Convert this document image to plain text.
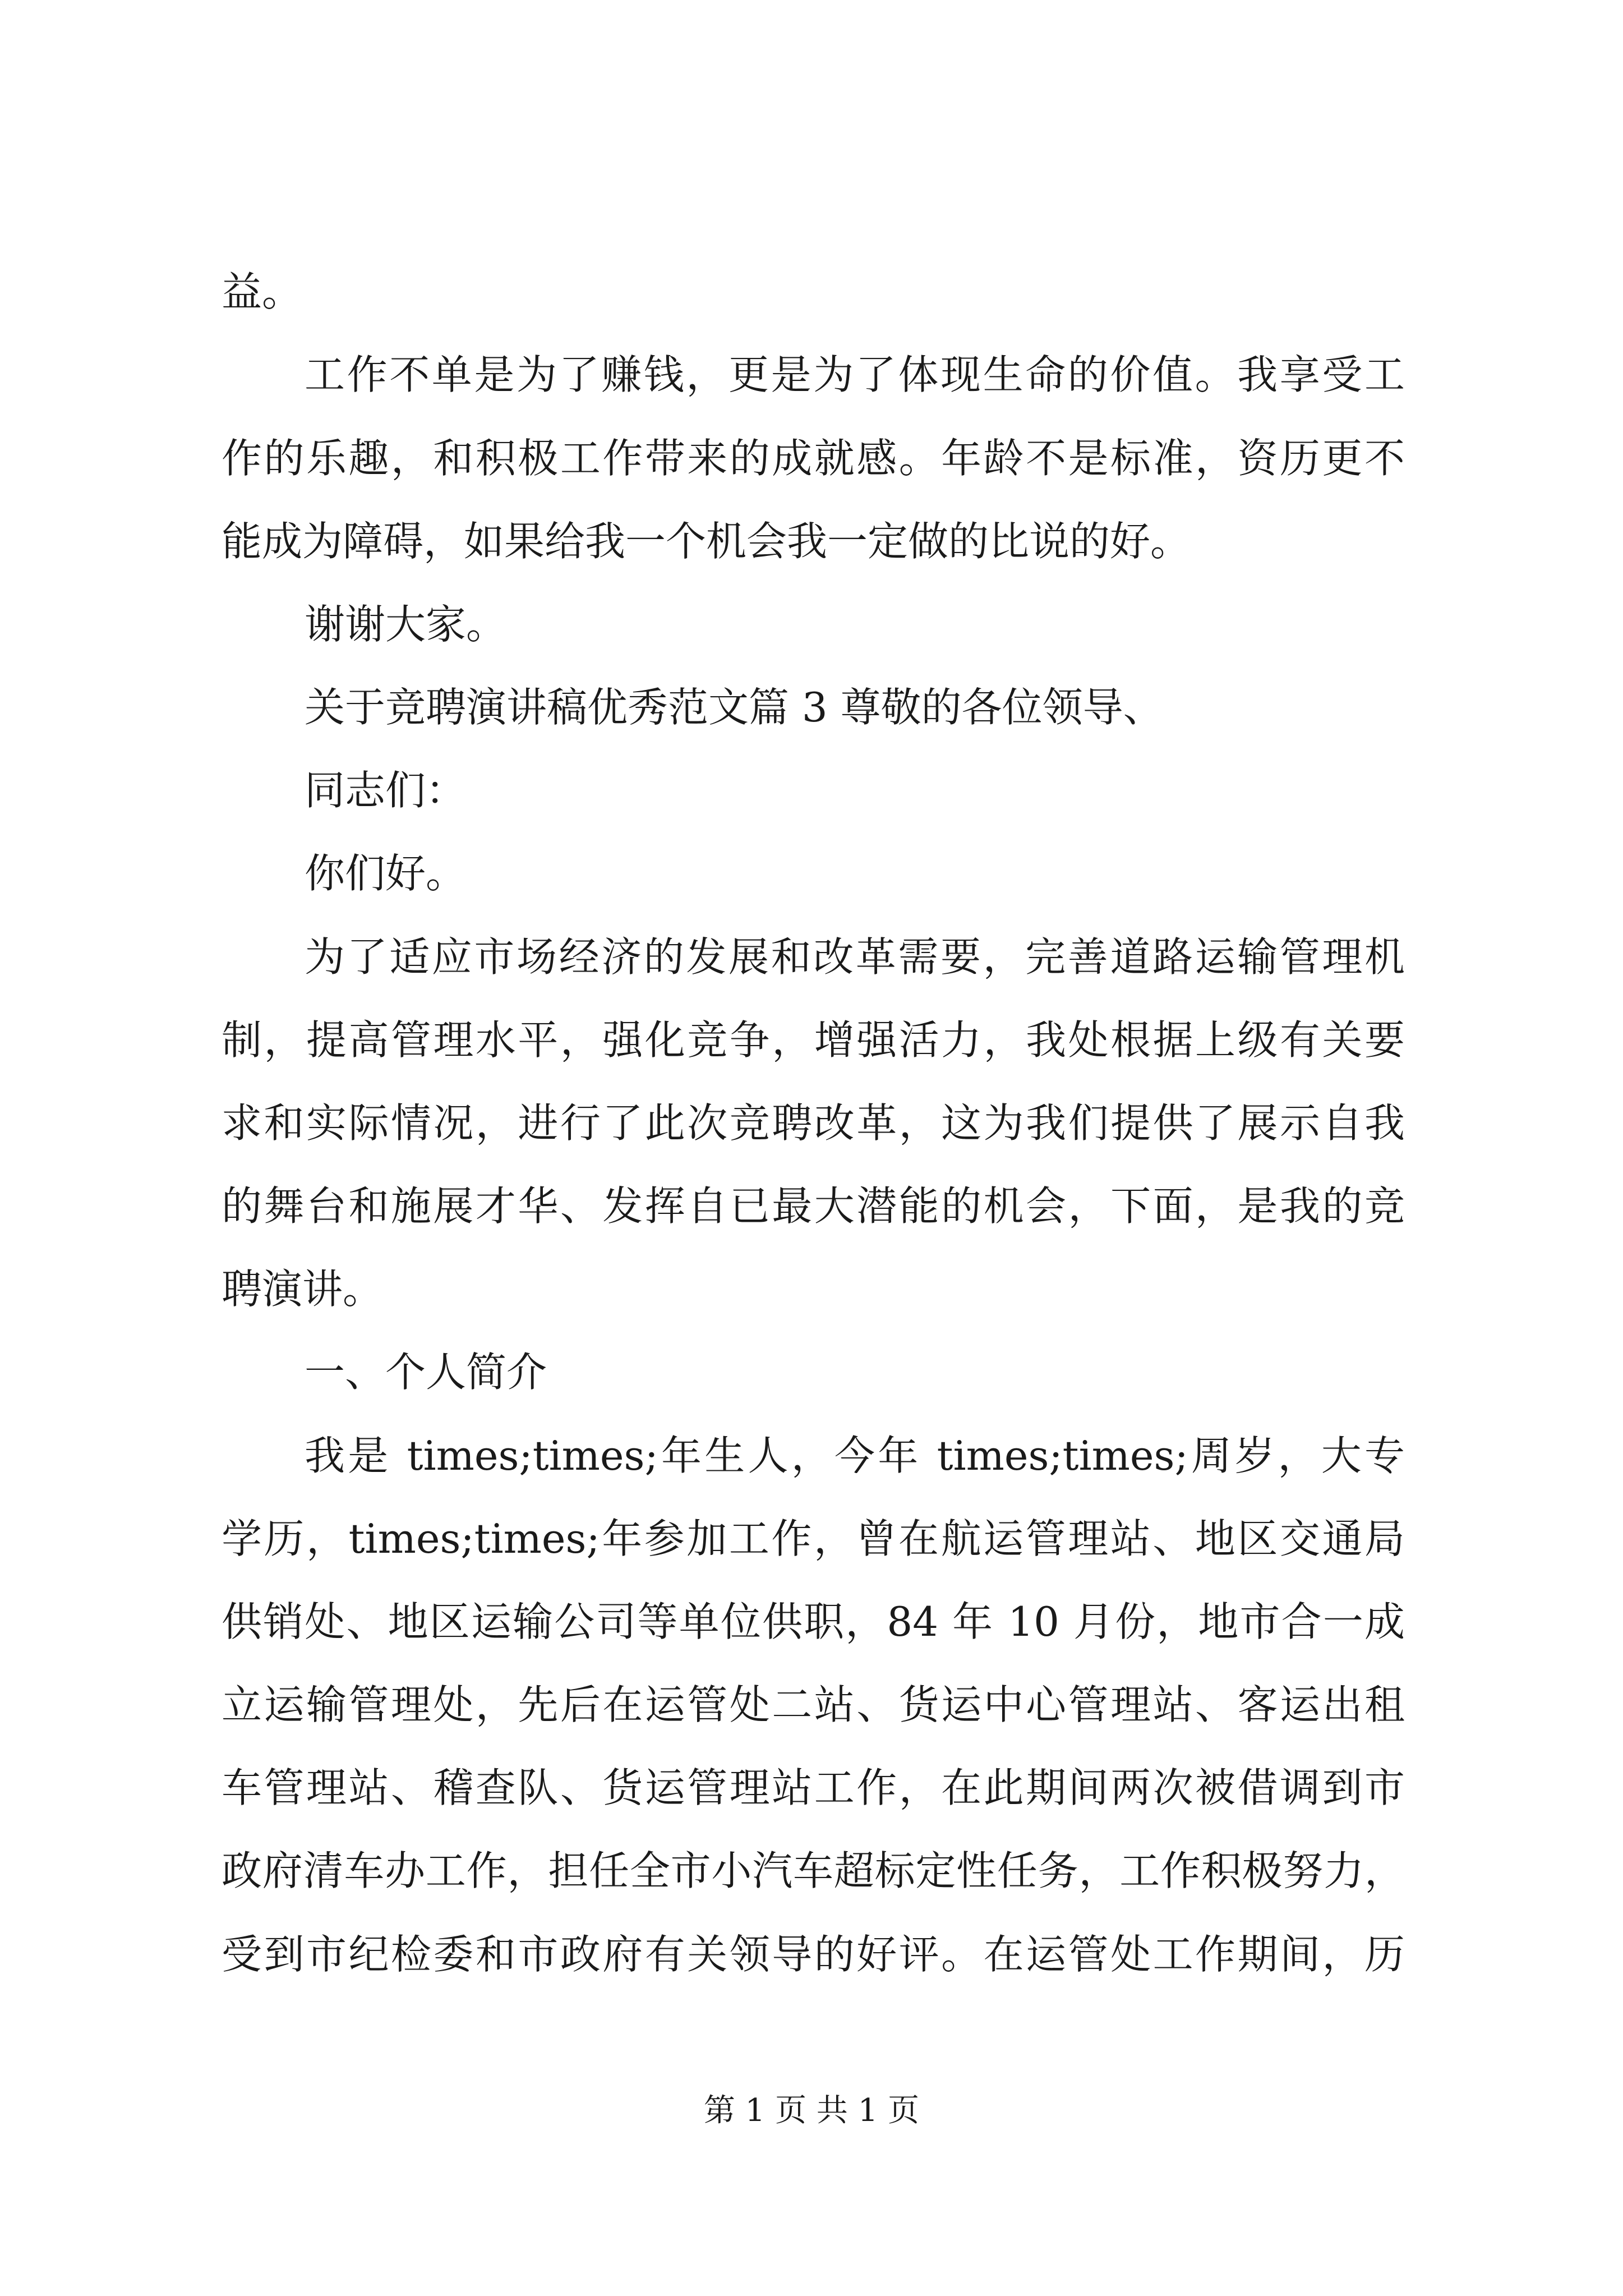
益。
工作不单是为了赚钱，更是为了体现生命的价值。我享受工
作的乐趣，和积极工作带来的成就感。年龄不是标准，资历更不
能成为障碍，如果给我一个机会我一定做的比说的好。
谢谢大家。
关于竞聘演讲稿优秀范文篇 3 尊敬的各位领导、
同志们：
你们好。
为了适应市场经济的发展和改革需要，完善道路运输管理机
制，提高管理水平，强化竞争，增强活力，我处根据上级有关要
求和实际情况，进行了此次竞聘改革，这为我们提供了展示自我
的舞台和施展才华、发挥自已最大潜能的机会，下面，是我的竞
聘演讲。
一、个人简介
我是 times;times;年生人，今年 times;times;周岁，大专
学历，times;times;年参加工作，曾在航运管理站、地区交通局
供销处、地区运输公司等单位供职，84 年 10 月份，地市合一成
立运输管理处，先后在运管处二站、货运中心管理站、客运出租
车管理站、稽查队、货运管理站工作，在此期间两次被借调到市
政府清车办工作，担任全市小汽车超标定性任务，工作积极努力，
受到市纪检委和市政府有关领导的好评。在运管处工作期间，历
第 1 页 共 1 页
